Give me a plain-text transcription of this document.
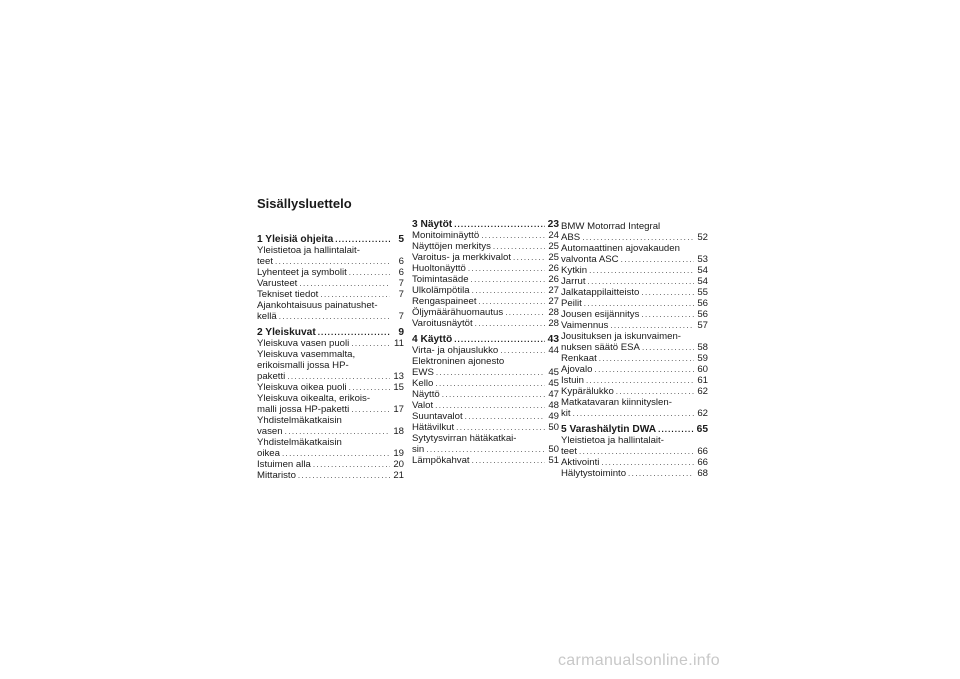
Sisällysluettelo
1 Yleisiä ohjeita .....	5
Yleistietoa ja hallintalait-
teet .....	6
Lyhenteet ja symbolit .....	6
Varusteet .....	7
Tekniset tiedot .....	7
Ajankohtaisuus painatushet-
kellä .....	7
2 Yleiskuvat .....	9
Yleiskuva vasen puoli .....	11
Yleiskuva vasemmalta,
erikoismalli jossa HP-
paketti .....	13
Yleiskuva oikea puoli .....	15
Yleiskuva oikealta, erikois-
malli jossa HP-paketti .....	17
Yhdistelmäkatkaisin
vasen .....	18
Yhdistelmäkatkaisin
oikea .....	19
Istuimen alla .....	20
Mittaristo .....	21
3 Näytöt .....	23
Monitoiminäyttö .....	24
Näyttöjen merkitys .....	25
Varoitus- ja merkkivalot .....	25
Huoltonäyttö .....	26
Toimintasäde .....	26
Ulkolämpötila .....	27
Rengaspaineet .....	27
Öljymäärähuomautus .....	28
Varoitusnäytöt .....	28
4 Käyttö .....	43
Virta- ja ohjauslukko .....	44
Elektroninen ajonesto
EWS .....	45
Kello .....	45
Näyttö .....	47
Valot .....	48
Suuntavalot .....	49
Hätävilkut .....	50
Sytytysvirran hätäkatkai-
sin .....	50
Lämpökahvat .....	51
BMW Motorrad Integral
ABS .....	52
Automaattinen ajovakauden
valvonta ASC .....	53
Kytkin .....	54
Jarrut .....	54
Jalkatappilaitteisto .....	55
Peilit .....	56
Jousen esijännitys .....	56
Vaimennus .....	57
Jousituksen ja iskunvaimen-
nuksen säätö ESA .....	58
Renkaat .....	59
Ajovalo .....	60
Istuin .....	61
Kypärälukko .....	62
Matkatavaran kiinnityslen-
kit .....	62
5 Varashälytin DWA .....	65
Yleistietoa ja hallintalait-
teet .....	66
Aktivointi .....	66
Hälytystoiminto .....	68
carmanualsonline.info
